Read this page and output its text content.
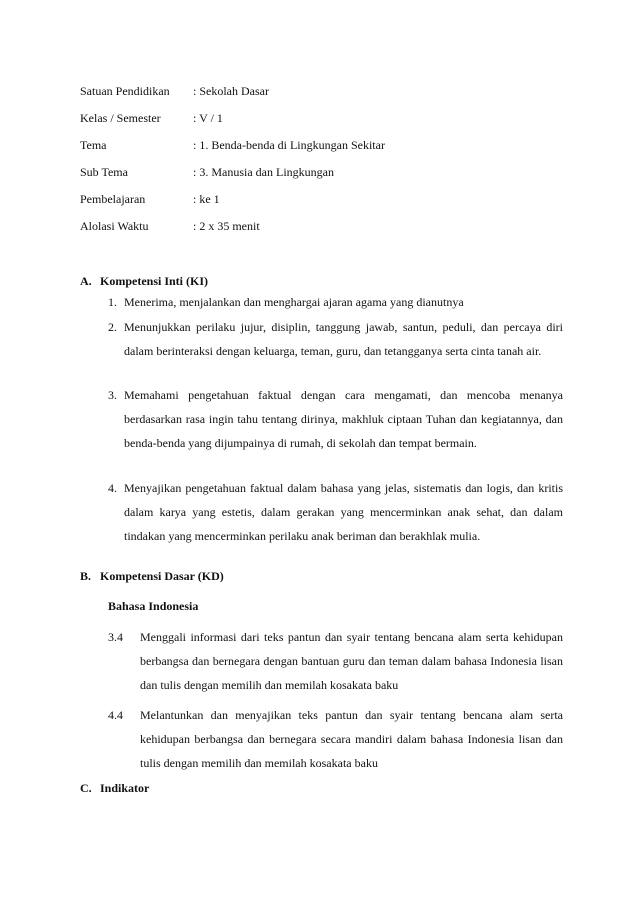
Satuan Pendidikan : Sekolah Dasar
Kelas / Semester	: V / 1
Tema	: 1. Benda-benda di Lingkungan Sekitar
Sub Tema	: 3. Manusia dan Lingkungan
Pembelajaran	: ke 1
Alolasi Waktu	: 2 x 35 menit
A. Kompetensi Inti (KI)
1. Menerima, menjalankan dan menghargai ajaran agama yang dianutnya
2. Menunjukkan perilaku jujur, disiplin, tanggung jawab, santun, peduli, dan percaya diri dalam berinteraksi dengan keluarga, teman, guru, dan tetangganya serta cinta tanah air.
3. Memahami pengetahuan faktual dengan cara mengamati, dan mencoba menanya berdasarkan rasa ingin tahu tentang dirinya, makhluk ciptaan Tuhan dan kegiatannya, dan benda-benda yang dijumpainya di rumah, di sekolah dan tempat bermain.
4. Menyajikan pengetahuan faktual dalam bahasa yang jelas, sistematis dan logis, dan kritis dalam karya yang estetis, dalam gerakan yang mencerminkan anak sehat, dan dalam tindakan yang mencerminkan perilaku anak beriman dan berakhlak mulia.
B. Kompetensi Dasar (KD)
Bahasa Indonesia
3.4 Menggali informasi dari teks pantun dan syair tentang bencana alam serta kehidupan berbangsa dan bernegara dengan bantuan guru dan teman dalam bahasa Indonesia lisan dan tulis dengan memilih dan memilah kosakata baku
4.4 Melantunkan dan menyajikan teks pantun dan syair tentang bencana alam serta kehidupan berbangsa dan bernegara secara mandiri dalam bahasa Indonesia lisan dan tulis dengan memilih dan memilah kosakata baku
C. Indikator
